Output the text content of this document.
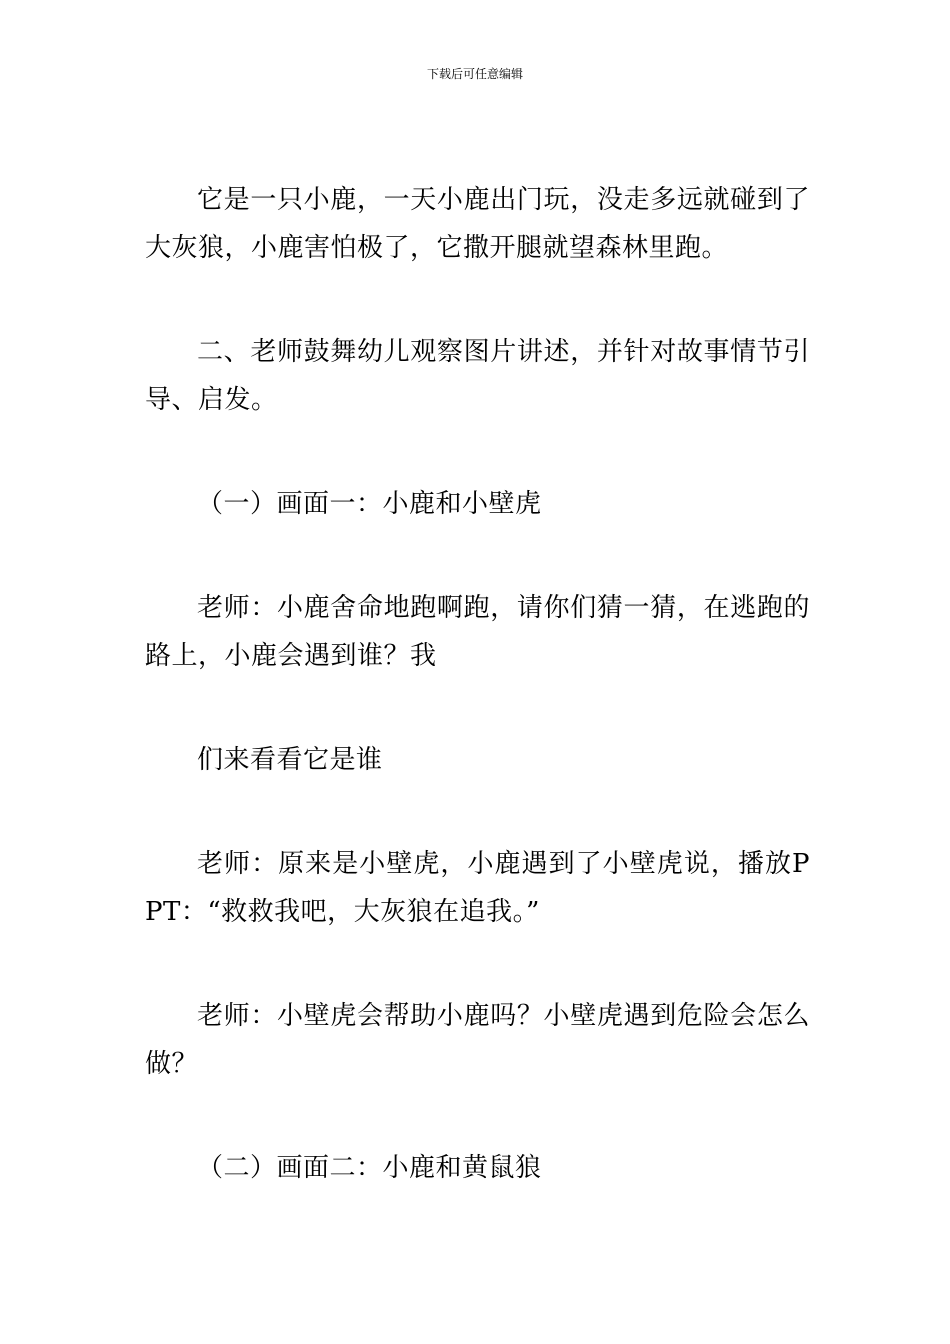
下载后可任意编辑

它是一只小鹿，一天小鹿出门玩，没走多远就碰到了大灰狼，小鹿害怕极了，它撒开腿就望森林里跑。

二、老师鼓舞幼儿观察图片讲述，并针对故事情节引导、启发。

（一）画面一：小鹿和小壁虎

老师：小鹿舍命地跑啊跑，请你们猜一猜，在逃跑的路上，小鹿会遇到谁？我

们来看看它是谁

老师：原来是小壁虎，小鹿遇到了小壁虎说，播放PPT：“救救我吧，大灰狼在追我。”

老师：小壁虎会帮助小鹿吗？小壁虎遇到危险会怎么做？

（二）画面二：小鹿和黄鼠狼
